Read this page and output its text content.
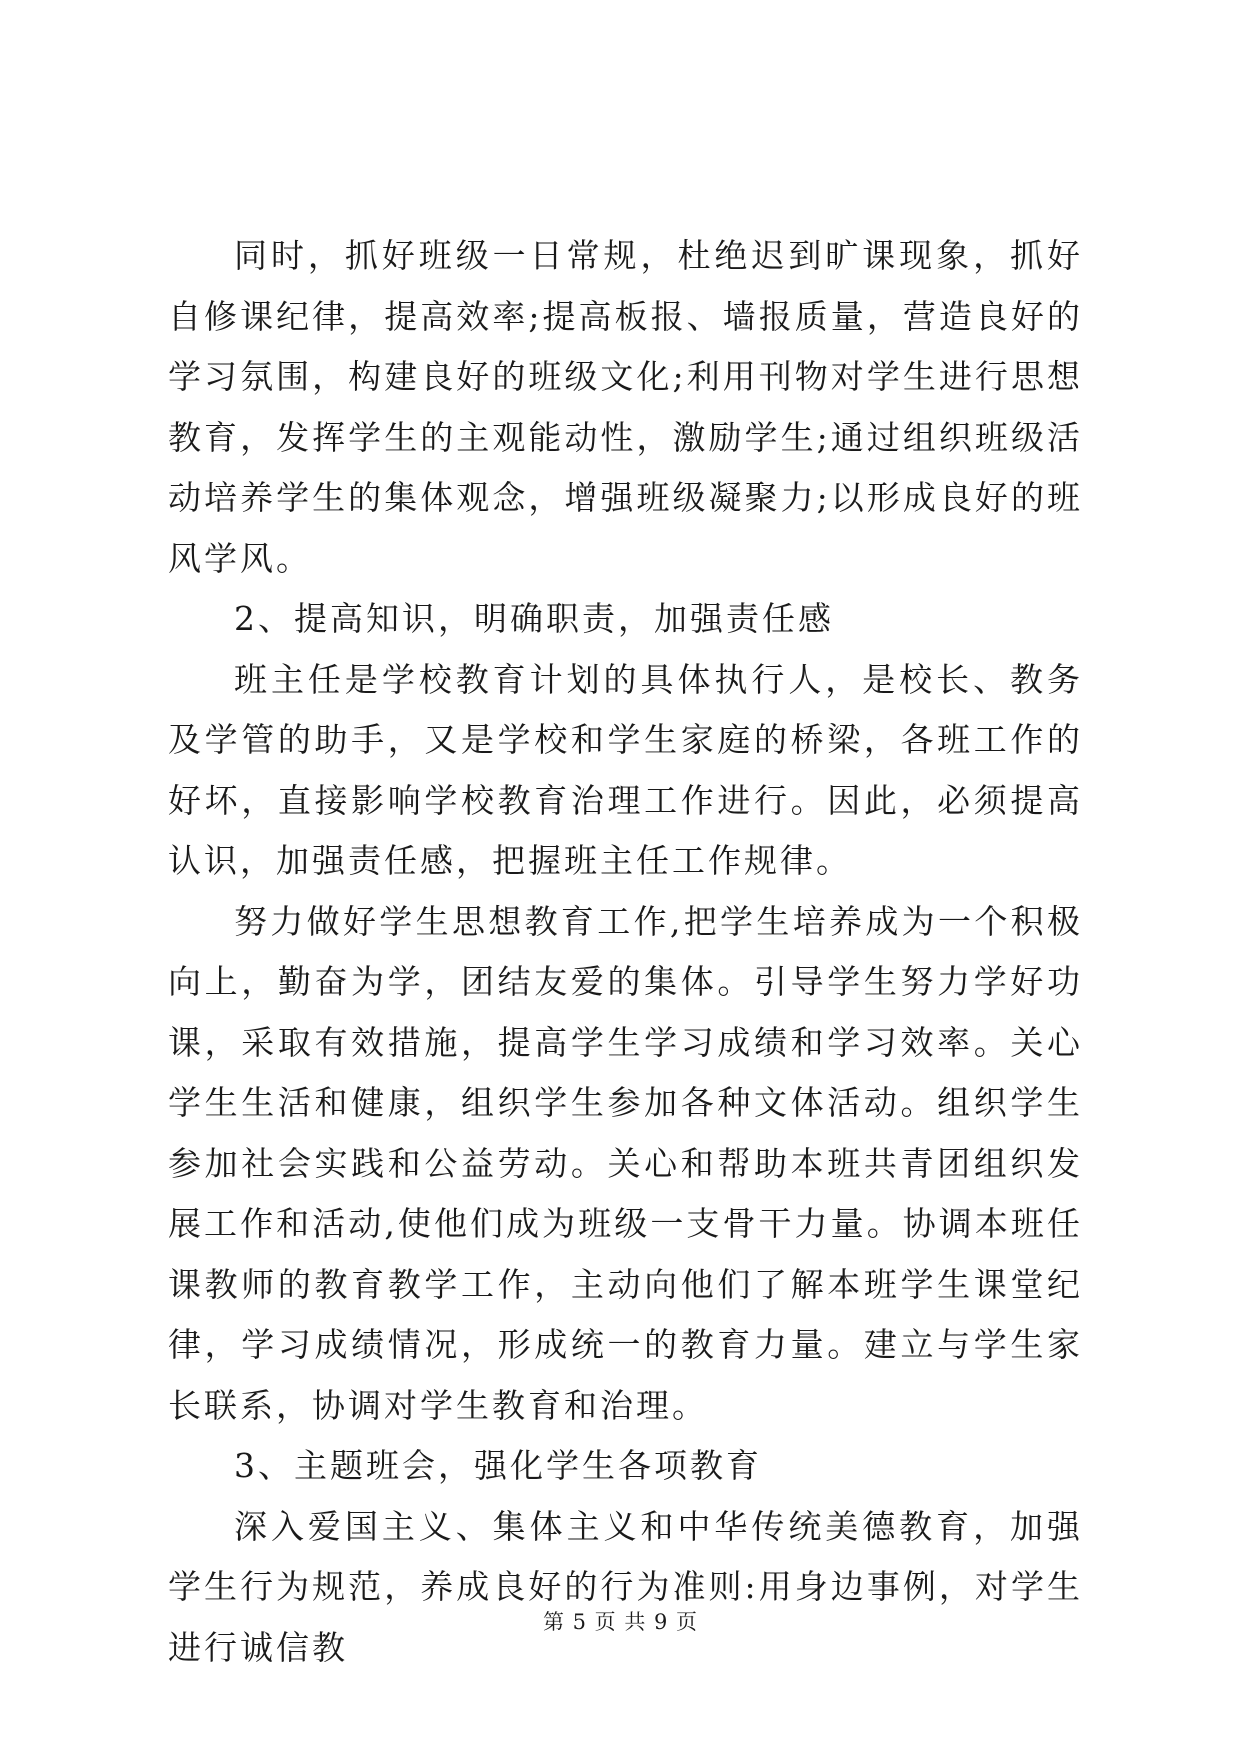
同时，抓好班级一日常规，杜绝迟到旷课现象，抓好自修课纪律，提高效率;提高板报、墙报质量，营造良好的学习氛围，构建良好的班级文化;利用刊物对学生进行思想教育，发挥学生的主观能动性，激励学生;通过组织班级活动培养学生的集体观念，增强班级凝聚力;以形成良好的班风学风。

2、提高知识，明确职责，加强责任感

班主任是学校教育计划的具体执行人，是校长、教务及学管的助手，又是学校和学生家庭的桥梁，各班工作的好坏，直接影响学校教育治理工作进行。因此，必须提高认识，加强责任感，把握班主任工作规律。

努力做好学生思想教育工作,把学生培养成为一个积极向上，勤奋为学，团结友爱的集体。引导学生努力学好功课，采取有效措施，提高学生学习成绩和学习效率。关心学生生活和健康，组织学生参加各种文体活动。组织学生参加社会实践和公益劳动。关心和帮助本班共青团组织发展工作和活动,使他们成为班级一支骨干力量。协调本班任课教师的教育教学工作，主动向他们了解本班学生课堂纪律，学习成绩情况，形成统一的教育力量。建立与学生家长联系，协调对学生教育和治理。

3、主题班会，强化学生各项教育

深入爱国主义、集体主义和中华传统美德教育，加强学生行为规范，养成良好的行为准则:用身边事例，对学生进行诚信教

第 5 页 共 9 页
